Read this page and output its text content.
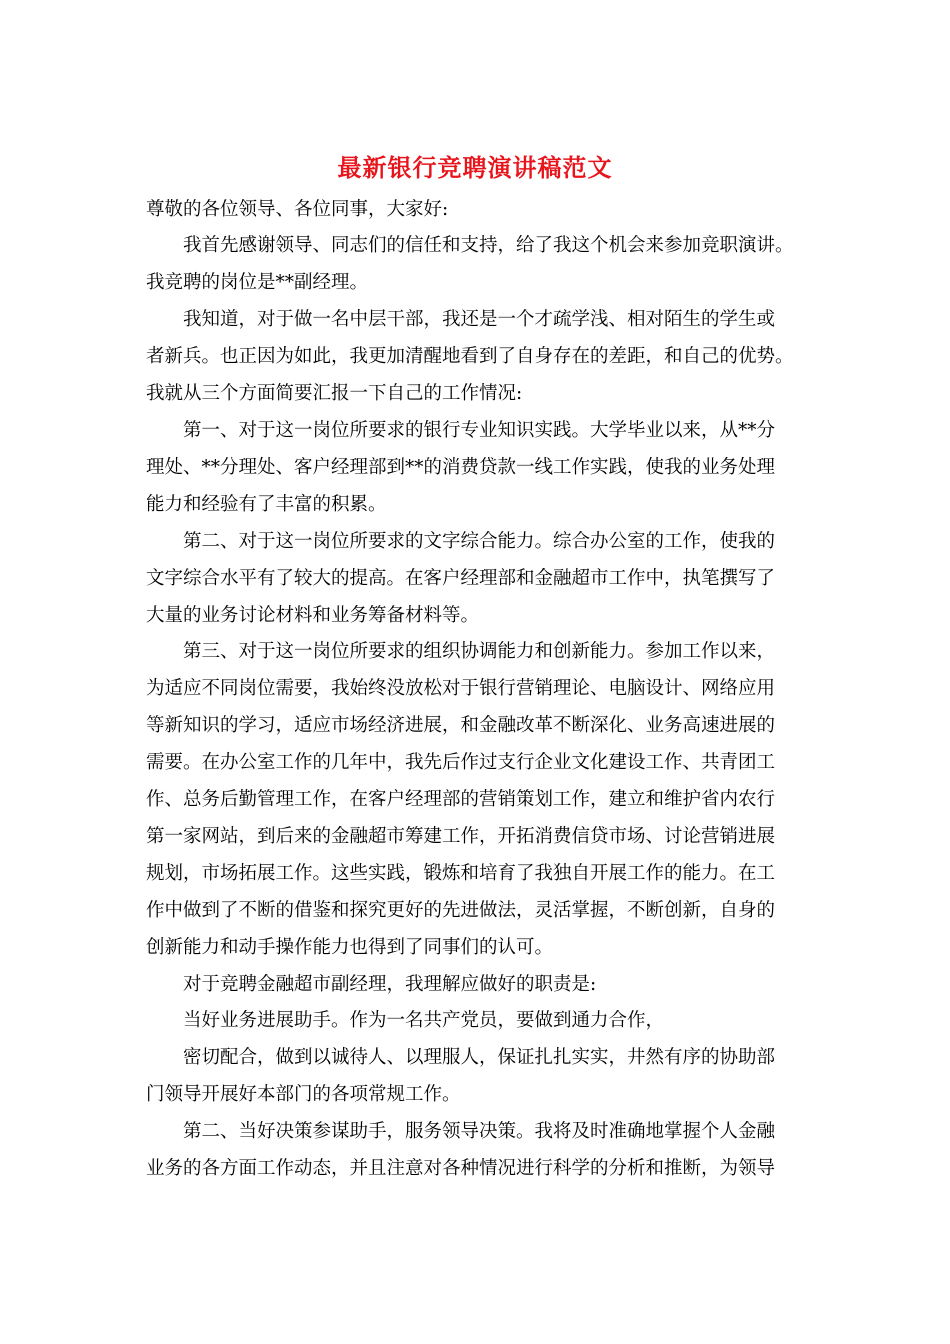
最新银行竞聘演讲稿范文
尊敬的各位领导、各位同事，大家好:
我首先感谢领导、同志们的信任和支持，给了我这个机会来参加竞职演讲。
我竞聘的岗位是**副经理。
我知道，对于做一名中层干部，我还是一个才疏学浅、相对陌生的学生或
者新兵。也正因为如此，我更加清醒地看到了自身存在的差距，和自己的优势。
我就从三个方面简要汇报一下自己的工作情况:
第一、对于这一岗位所要求的银行专业知识实践。大学毕业以来，从**分
理处、**分理处、客户经理部到**的消费贷款一线工作实践，使我的业务处理
能力和经验有了丰富的积累。
第二、对于这一岗位所要求的文字综合能力。综合办公室的工作，使我的
文字综合水平有了较大的提高。在客户经理部和金融超市工作中，执笔撰写了
大量的业务讨论材料和业务筹备材料等。
第三、对于这一岗位所要求的组织协调能力和创新能力。参加工作以来，
为适应不同岗位需要，我始终没放松对于银行营销理论、电脑设计、网络应用
等新知识的学习，适应市场经济进展，和金融改革不断深化、业务高速进展的
需要。在办公室工作的几年中，我先后作过支行企业文化建设工作、共青团工
作、总务后勤管理工作，在客户经理部的营销策划工作，建立和维护省内农行
第一家网站，到后来的金融超市筹建工作，开拓消费信贷市场、讨论营销进展
规划，市场拓展工作。这些实践，锻炼和培育了我独自开展工作的能力。在工
作中做到了不断的借鉴和探究更好的先进做法，灵活掌握，不断创新，自身的
创新能力和动手操作能力也得到了同事们的认可。
对于竞聘金融超市副经理，我理解应做好的职责是:
当好业务进展助手。作为一名共产党员，要做到通力合作，
密切配合，做到以诚待人、以理服人，保证扎扎实实，井然有序的协助部
门领导开展好本部门的各项常规工作。
第二、当好决策参谋助手，服务领导决策。我将及时准确地掌握个人金融
业务的各方面工作动态，并且注意对各种情况进行科学的分析和推断，为领导
